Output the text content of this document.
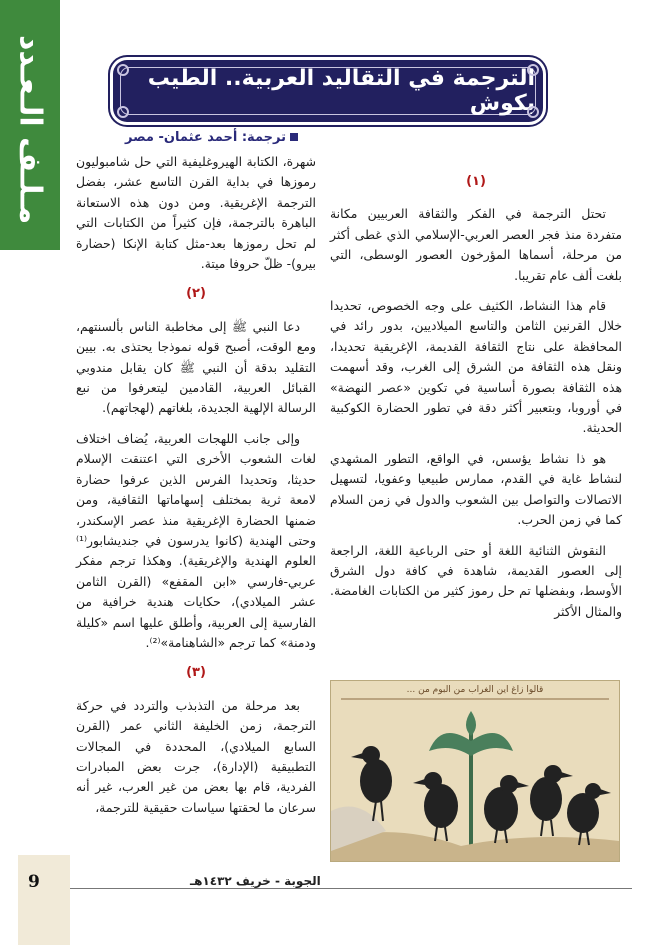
مـلـف الـعـدد	الترجمة في التقاليد العربية.. الطيب بكوش
ترجمة: أحمد عثمان- مصر
(١)

تحتل الترجمة في الفكر والثقافة العربيين مكانة متفردة منذ فجر العصر العربي-الإسلامي الذي غطى أكثر من مرحلة، أسماها المؤرخون العصور الوسطى، التي بلغت ألف عام تقريبا.

قام هذا النشاط، الكثيف على وجه الخصوص، تحديدا خلال القرنين الثامن والتاسع الميلاديين، بدور رائد في المحافظة على نتاج الثقافة القديمة، الإغريقية تحديدا، ونقل هذه الثقافة من الشرق إلى الغرب، وقد أسهمت هذه الثقافة بصورة أساسية في تكوين «عصر النهضة» في أوروبا، وبتعبير أكثر دقة في تطور الحضارة الكوكبية الحديثة.

هو ذا نشاط يؤسس، في الواقع، التطور المشهدي لنشاط غاية في القدم، ممارس طبيعيا وعفويا، لتسهيل الاتصالات والتواصل بين الشعوب والدول في زمن السلام كما في زمن الحرب.

النقوش الثنائية اللغة أو حتى الرباعية اللغة، الراجعة إلى العصور القديمة، شاهدة في كافة دول الشرق الأوسط، وبفضلها تم حل رموز كثير من الكتابات الغامضة. والمثال الأكثر

قالوا زاغ اين الغراب من البوم من ...

شهرة، الكتابة الهيروغليفية التي حل شامبوليون رموزها في بداية القرن التاسع عشر، بفضل الترجمة الإغريقية. ومن دون هذه الاستعانة الباهرة بالترجمة، فإن كثيراً من الكتابات التي لم تحل رموزها بعد-مثل كتابة الإنكا (حضارة بيرو)- ظلّ حروفا ميتة.

(٢)

دعا النبي ﷺ إلى مخاطبة الناس بألسنتهم، ومع الوقت، أصبح قوله نموذجا يحتذى به. بيين التقليد بدقة أن النبي ﷺ كان يقابل مندوبي القبائل العربية، القادمين ليتعرفوا من نبع الرسالة الإلهية الجديدة، بلغاتهم (لهجاتهم).

وإلى جانب اللهجات العربية، يُضاف اختلاف لغات الشعوب الأخرى التي اعتنقت الإسلام حديثا، وتحديدا الفرس الذين عرفوا حضارة لامعة ثرية بمختلف إسهاماتها الثقافية، ومن ضمنها الحضارة الإغريقية منذ عصر الإسكندر، وحتى الهندية (كانوا يدرسون في جنديشابور⁽¹⁾ العلوم الهندية والإغريقية). وهكذا ترجم مفكر عربي-فارسي «ابن المقفع» (القرن الثامن عشر الميلادي)، حكايات هندية خرافية من الفارسية إلى العربية، وأطلق عليها اسم «كليلة ودمنة» كما ترجم «الشاهنامة»⁽²⁾.

(٣)

بعد مرحلة من التذبذب والتردد في حركة الترجمة، زمن الخليفة الثاني عمر (القرن السابع الميلادي)، المحددة في المجالات التطبيقية (الإدارة)، جرت بعض المبادرات الفردية، قام بها بعض من غير العرب، غير أنه سرعان ما لحقتها سياسات حقيقية للترجمة،

9	الجوبة - خريف ١٤٣٢هـ
